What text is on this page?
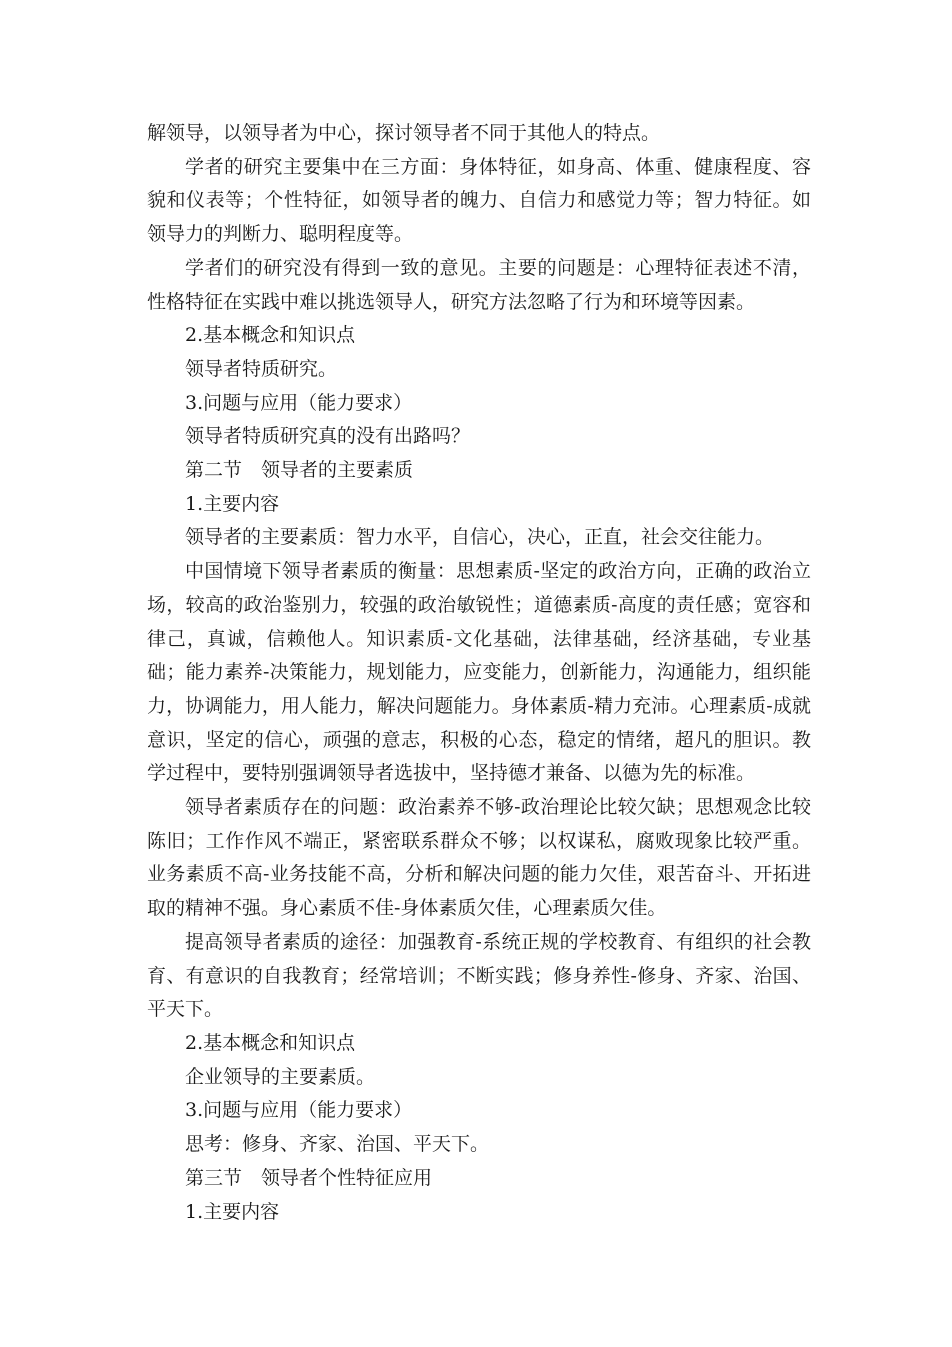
解领导，以领导者为中心，探讨领导者不同于其他人的特点。

学者的研究主要集中在三方面：身体特征，如身高、体重、健康程度、容貌和仪表等；个性特征，如领导者的魄力、自信力和感觉力等；智力特征。如领导力的判断力、聪明程度等。

学者们的研究没有得到一致的意见。主要的问题是：心理特征表述不清，性格特征在实践中难以挑选领导人，研究方法忽略了行为和环境等因素。

2.基本概念和知识点

领导者特质研究。

3.问题与应用（能力要求）

领导者特质研究真的没有出路吗？

第二节　领导者的主要素质

1.主要内容

领导者的主要素质：智力水平，自信心，决心，正直，社会交往能力。

中国情境下领导者素质的衡量：思想素质-坚定的政治方向，正确的政治立场，较高的政治鉴别力，较强的政治敏锐性；道德素质-高度的责任感；宽容和律己，真诚，信赖他人。知识素质-文化基础，法律基础，经济基础，专业基础；能力素养-决策能力，规划能力，应变能力，创新能力，沟通能力，组织能力，协调能力，用人能力，解决问题能力。身体素质-精力充沛。心理素质-成就意识，坚定的信心，顽强的意志，积极的心态，稳定的情绪，超凡的胆识。教学过程中，要特别强调领导者选拔中，坚持德才兼备、以德为先的标准。

领导者素质存在的问题：政治素养不够-政治理论比较欠缺；思想观念比较陈旧；工作作风不端正，紧密联系群众不够；以权谋私，腐败现象比较严重。业务素质不高-业务技能不高，分析和解决问题的能力欠佳，艰苦奋斗、开拓进取的精神不强。身心素质不佳-身体素质欠佳，心理素质欠佳。

提高领导者素质的途径：加强教育-系统正规的学校教育、有组织的社会教育、有意识的自我教育；经常培训；不断实践；修身养性-修身、齐家、治国、平天下。

2.基本概念和知识点

企业领导的主要素质。

3.问题与应用（能力要求）

思考：修身、齐家、治国、平天下。

第三节　领导者个性特征应用

1.主要内容
